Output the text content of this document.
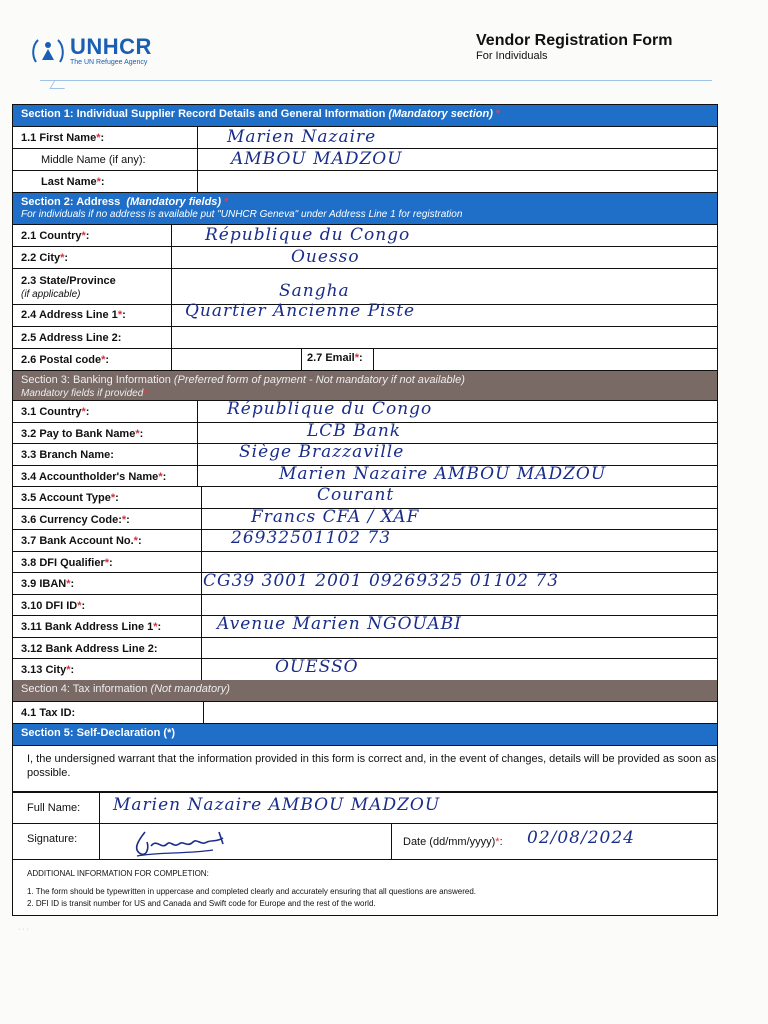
UNHCR
The UN Refugee Agency
Vendor Registration Form
For Individuals
Section 1: Individual Supplier Record Details and General Information (Mandatory section) *
1.1 First Name*:	Marien Nazaire
Middle Name (if any):	AMBOU MADZOU
Last Name*:
Section 2: Address (Mandatory fields) *
For individuals if no address is available put "UNHCR Geneva" under Address Line 1 for registration
2.1 Country*:	République du Congo
2.2 City*:	Ouesso
2.3 State/Province
(if applicable)	Sangha
2.4 Address Line 1*:	Quartier Ancienne Piste
2.5 Address Line 2:
2.6 Postal code*:	2.7 Email*:
Section 3: Banking Information (Preferred form of payment - Not mandatory if not available)
Mandatory fields if provided*
3.1 Country*:	République du Congo
3.2 Pay to Bank Name*:	LCB Bank
3.3 Branch Name:	Siège Brazzaville
3.4 Accountholder's Name*:	Marien Nazaire AMBOU MADZOU
3.5 Account Type*:	Courant
3.6 Currency Code:*:	Francs CFA / XAF
3.7 Bank Account No.*:	26932501102 73
3.8 DFI Qualifier*:
3.9 IBAN*:	CG39 3001 2001 09269325 01102 73
3.10 DFI ID*:
3.11 Bank Address Line 1*:	Avenue Marien NGOUABI
3.12 Bank Address Line 2:
3.13 City*:	OUESSO
Section 4: Tax information (Not mandatory)
4.1 Tax ID:
Section 5: Self-Declaration (*)
I, the undersigned warrant that the information provided in this form is correct and, in the event of changes, details will be provided as soon as possible.
Full Name: Marien Nazaire AMBOU MADZOU
Signature:	Date (dd/mm/yyyy)*: 02/08/2024
ADDITIONAL INFORMATION FOR COMPLETION:
1. The form should be typewritten in uppercase and completed clearly and accurately ensuring that all questions are answered.
2. DFI ID is transit number for US and Canada and Swift code for Europe and the rest of the world.
· · ·
